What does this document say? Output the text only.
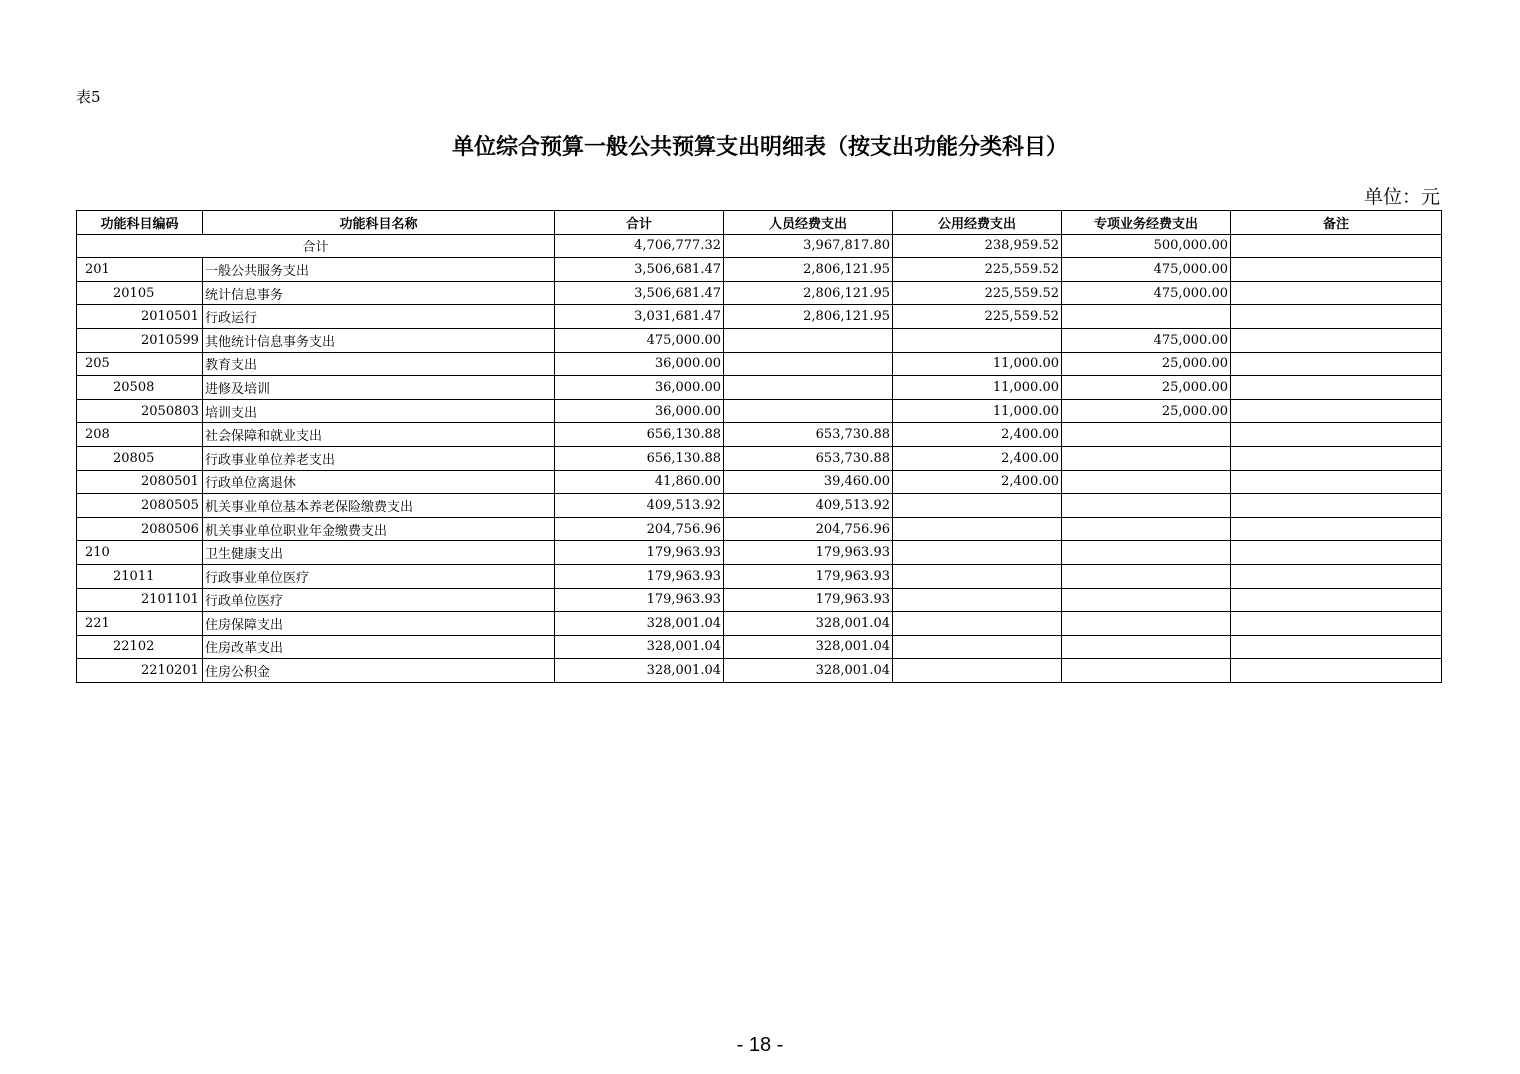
表5
单位综合预算一般公共预算支出明细表（按支出功能分类科目）
单位：元
功能科目编码	功能科目名称	合计	人员经费支出	公用经费支出	专项业务经费支出	备注
合计		4,706,777.32	3,967,817.80	238,959.52	500,000.00	
201	一般公共服务支出	3,506,681.47	2,806,121.95	225,559.52	475,000.00	
20105	统计信息事务	3,506,681.47	2,806,121.95	225,559.52	475,000.00	
2010501	行政运行	3,031,681.47	2,806,121.95	225,559.52		
2010599	其他统计信息事务支出	475,000.00			475,000.00	
205	教育支出	36,000.00		11,000.00	25,000.00	
20508	进修及培训	36,000.00		11,000.00	25,000.00	
2050803	培训支出	36,000.00		11,000.00	25,000.00	
208	社会保障和就业支出	656,130.88	653,730.88	2,400.00		
20805	行政事业单位养老支出	656,130.88	653,730.88	2,400.00		
2080501	行政单位离退休	41,860.00	39,460.00	2,400.00		
2080505	机关事业单位基本养老保险缴费支出	409,513.92	409,513.92			
2080506	机关事业单位职业年金缴费支出	204,756.96	204,756.96			
210	卫生健康支出	179,963.93	179,963.93			
21011	行政事业单位医疗	179,963.93	179,963.93			
2101101	行政单位医疗	179,963.93	179,963.93			
221	住房保障支出	328,001.04	328,001.04			
22102	住房改革支出	328,001.04	328,001.04			
2210201	住房公积金	328,001.04	328,001.04			
- 18 -
